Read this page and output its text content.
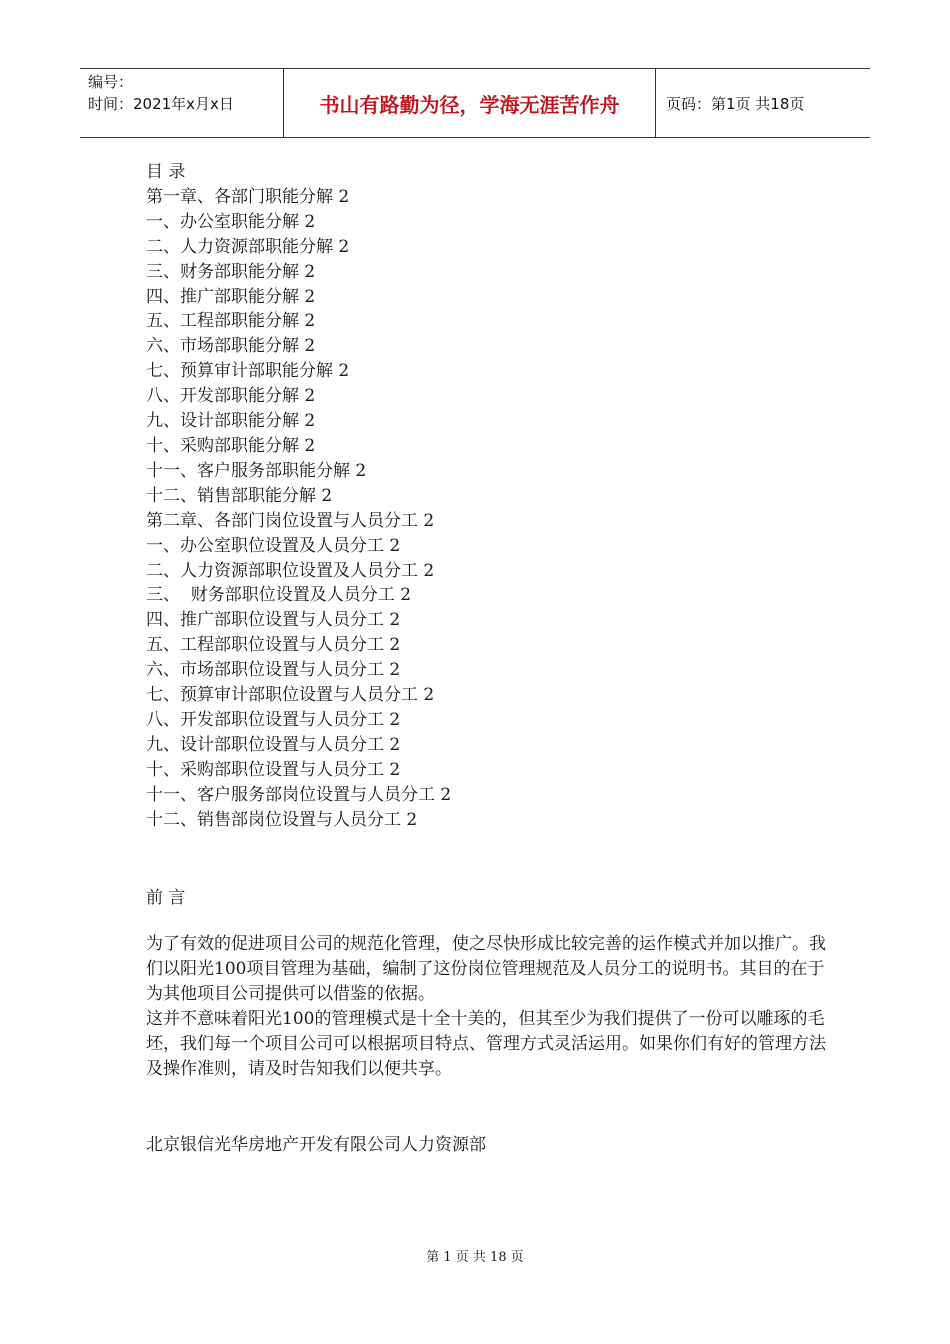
编号：
时间：2021年x月x日	书山有路勤为径，学海无涯苦作舟	页码：第1页 共18页
目 录
第一章、各部门职能分解 2
一、办公室职能分解 2
二、人力资源部职能分解 2
三、财务部职能分解 2
四、推广部职能分解 2
五、工程部职能分解 2
六、市场部职能分解 2
七、预算审计部职能分解 2
八、开发部职能分解 2
九、设计部职能分解 2
十、采购部职能分解 2
十一、客户服务部职能分解 2
十二、销售部职能分解 2
第二章、各部门岗位设置与人员分工 2
一、办公室职位设置及人员分工 2
二、人力资源部职位设置及人员分工 2
三、  财务部职位设置及人员分工 2
四、推广部职位设置与人员分工 2
五、工程部职位设置与人员分工 2
六、市场部职位设置与人员分工 2
七、预算审计部职位设置与人员分工 2
八、开发部职位设置与人员分工 2
九、设计部职位设置与人员分工 2
十、采购部职位设置与人员分工 2
十一、客户服务部岗位设置与人员分工 2
十二、销售部岗位设置与人员分工 2
前 言

为了有效的促进项目公司的规范化管理，使之尽快形成比较完善的运作模式并加以推广。我们以阳光100项目管理为基础，编制了这份岗位管理规范及人员分工的说明书。其目的在于为其他项目公司提供可以借鉴的依据。

这并不意味着阳光100的管理模式是十全十美的，但其至少为我们提供了一份可以雕琢的毛坯，我们每一个项目公司可以根据项目特点、管理方式灵活运用。如果你们有好的管理方法及操作准则，请及时告知我们以便共享。

北京银信光华房地产开发有限公司人力资源部
第 1 页 共 18 页
